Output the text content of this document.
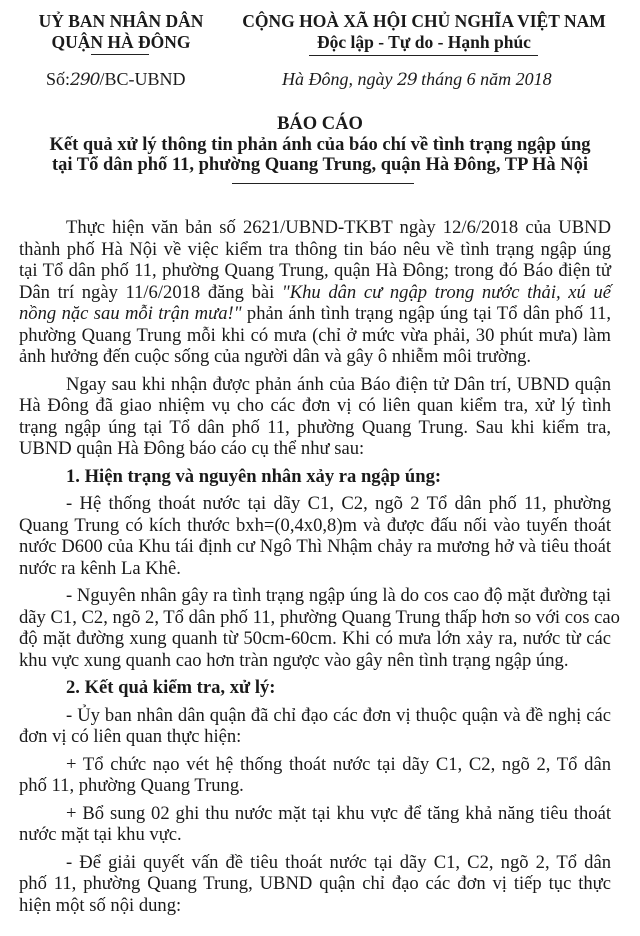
UỶ BAN NHÂN DÂN
QUẬN HÀ ĐÔNG
CỘNG HOÀ XÃ HỘI CHỦ NGHĨA VIỆT NAM
Độc lập - Tự do - Hạnh phúc
Số:290/BC-UBND	Hà Đông, ngày 29 tháng 6 năm 2018
BÁO CÁO
Kết quả xử lý thông tin phản ánh của báo chí về tình trạng ngập úng
tại Tổ dân phố 11, phường Quang Trung, quận Hà Đông, TP Hà Nội
Thực hiện văn bản số 2621/UBND-TKBT ngày 12/6/2018 của UBND
thành phố Hà Nội về việc kiểm tra thông tin báo nêu về tình trạng ngập úng
tại Tổ dân phố 11, phường Quang Trung, quận Hà Đông; trong đó Báo điện tử
Dân trí ngày 11/6/2018 đăng bài "Khu dân cư ngập trong nước thải, xú uế
nồng nặc sau mỗi trận mưa!" phản ánh tình trạng ngập úng tại Tổ dân phố 11,
phường Quang Trung mỗi khi có mưa (chỉ ở mức vừa phải, 30 phút mưa) làm
ảnh hưởng đến cuộc sống của người dân và gây ô nhiễm môi trường.
Ngay sau khi nhận được phản ánh của Báo điện tử Dân trí, UBND quận
Hà Đông đã giao nhiệm vụ cho các đơn vị có liên quan kiểm tra, xử lý tình
trạng ngập úng tại Tổ dân phố 11, phường Quang Trung. Sau khi kiểm tra,
UBND quận Hà Đông báo cáo cụ thể như sau:
1. Hiện trạng và nguyên nhân xảy ra ngập úng:
- Hệ thống thoát nước tại dãy C1, C2, ngõ 2 Tổ dân phố 11, phường
Quang Trung có kích thước bxh=(0,4x0,8)m và được đấu nối vào tuyến thoát
nước D600 của Khu tái định cư Ngô Thì Nhậm chảy ra mương hở và tiêu thoát
nước ra kênh La Khê.
- Nguyên nhân gây ra tình trạng ngập úng là do cos cao độ mặt đường tại
dãy C1, C2, ngõ 2, Tổ dân phố 11, phường Quang Trung thấp hơn so với cos cao
độ mặt đường xung quanh từ 50cm-60cm. Khi có mưa lớn xảy ra, nước từ các
khu vực xung quanh cao hơn tràn ngược vào gây nên tình trạng ngập úng.
2. Kết quả kiểm tra, xử lý:
- Ủy ban nhân dân quận đã chỉ đạo các đơn vị thuộc quận và đề nghị các
đơn vị có liên quan thực hiện:
+ Tổ chức nạo vét hệ thống thoát nước tại dãy C1, C2, ngõ 2, Tổ dân
phố 11, phường Quang Trung.
+ Bổ sung 02 ghi thu nước mặt tại khu vực để tăng khả năng tiêu thoát
nước mặt tại khu vực.
- Để giải quyết vấn đề tiêu thoát nước tại dãy C1, C2, ngõ 2, Tổ dân
phố 11, phường Quang Trung, UBND quận chỉ đạo các đơn vị tiếp tục thực
hiện một số nội dung:
